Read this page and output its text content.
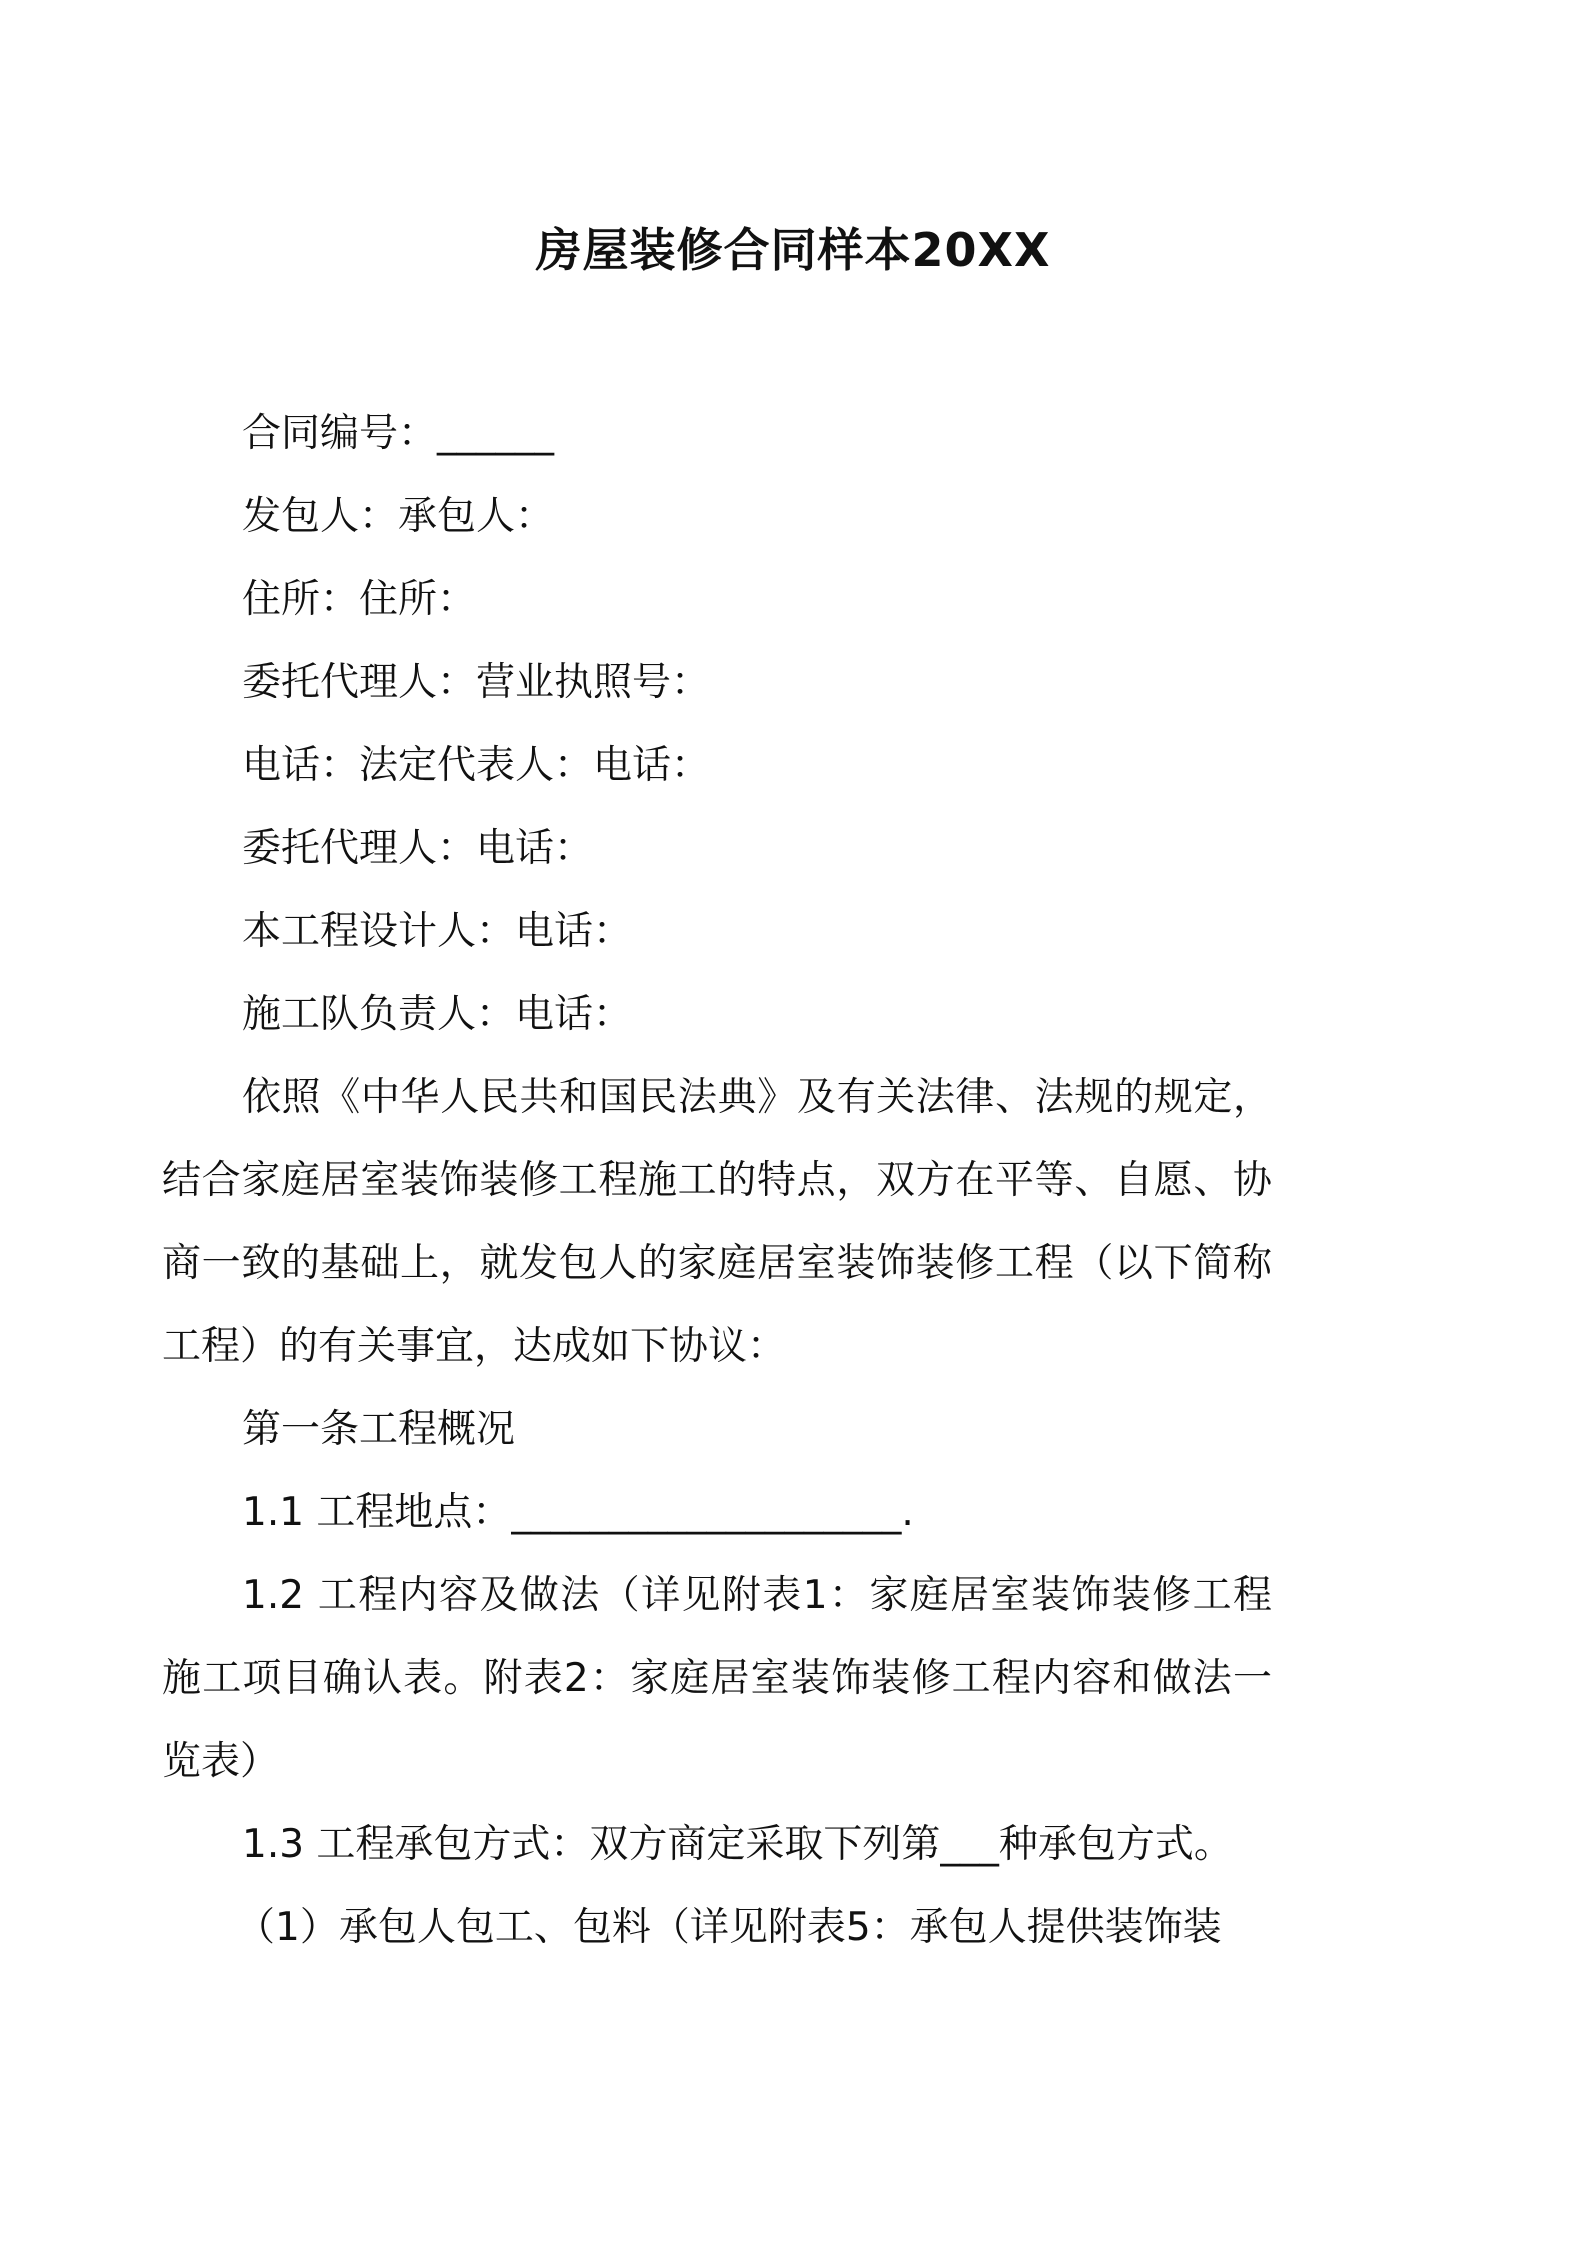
房屋装修合同样本20XX
合同编号：______
发包人：承包人：
住所：住所：
委托代理人：营业执照号：
电话：法定代表人：电话：
委托代理人：电话：
本工程设计人：电话：
施工队负责人：电话：

依照《中华人民共和国民法典》及有关法律、法规的规定，结合家庭居室装饰装修工程施工的特点，双方在平等、自愿、协商一致的基础上，就发包人的家庭居室装饰装修工程（以下简称工程）的有关事宜，达成如下协议：

第一条工程概况
1.1 工程地点：____________________.

1.2 工程内容及做法（详见附表1：家庭居室装饰装修工程施工项目确认表。附表2：家庭居室装饰装修工程内容和做法一览表）

1.3 工程承包方式：双方商定采取下列第___种承包方式。
（1）承包人包工、包料（详见附表5：承包人提供装饰装
